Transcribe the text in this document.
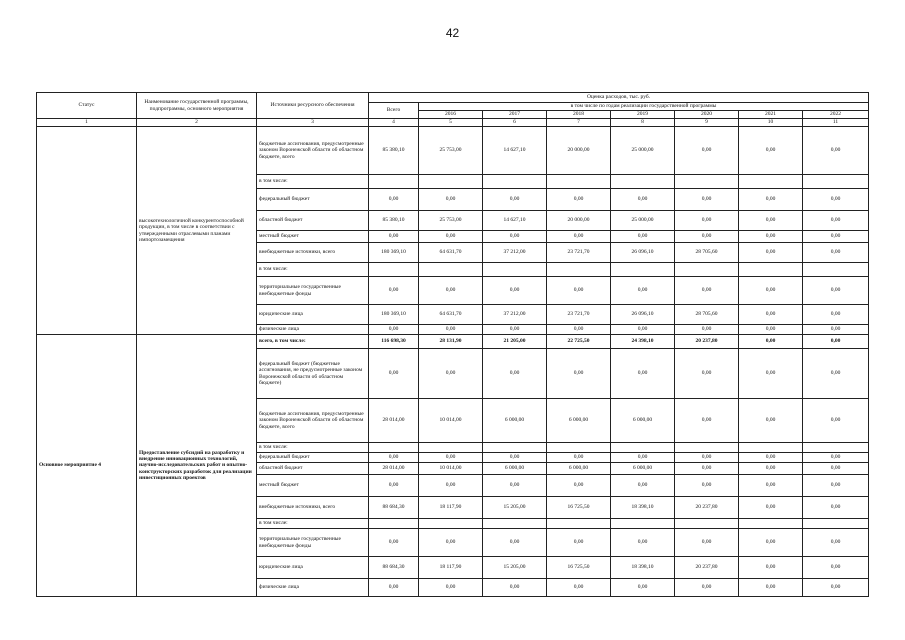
42
Статус	Наименование государственной программы, подпрограммы, основного мероприятия	Источники ресурсного обеспечения	Оценка расходов, тыс. руб.							
			Всего	в том числе по годам реализации государственной программы						
				2016	2017	2018	2019	2020	2021	2022
1	2	3	4	5	6	7	8	9	10	11
	высокотехнологичной конкурентоспособной продукции, в том числе в соответствии с утвержденными отраслевыми планами импортозамещения	бюджетные ассигнования, предусмотренные законом Воронежской области об областном бюджете, всего	85 380,10	25 753,00	14 627,10	20 000,00	25 000,00	0,00	0,00	0,00
		в том числе:								
		федеральный бюджет	0,00	0,00	0,00	0,00	0,00	0,00	0,00	0,00
		областной бюджет	85 380,10	25 753,00	14 627,10	20 000,00	25 000,00	0,00	0,00	0,00
		местный бюджет	0,00	0,00	0,00	0,00	0,00	0,00	0,00	0,00
		внебюджетные источники, всего	180 369,10	64 631,70	37 212,00	23 721,70	26 096,10	28 705,60	0,00	0,00
		в том числе:								
		территориальные государственные внебюджетные фонды	0,00	0,00	0,00	0,00	0,00	0,00	0,00	0,00
		юридические лица	180 369,10	64 631,70	37 212,00	23 721,70	26 096,10	28 705,60	0,00	0,00
		физические лица	0,00	0,00	0,00	0,00	0,00	0,00	0,00	0,00
Основное мероприятие 4	Предоставление субсидий на разработку и внедрение инновационных технологий, научно-исследовательских работ и опытно-конструкторских разработок для реализации инвестиционных проектов	всего, в том числе:	116 698,30	28 131,90	21 205,00	22 725,50	24 398,10	20 237,80	0,00	0,00
		федеральный бюджет (бюджетные ассигнования, не предусмотренные законом Воронежской области об областном бюджете)	0,00	0,00	0,00	0,00	0,00	0,00	0,00	0,00
		бюджетные ассигнования, предусмотренные законом Воронежской области об областном бюджете, всего	28 014,00	10 014,00	6 000,00	6 000,00	6 000,00	0,00	0,00	0,00
		в том числе:								
		федеральный бюджет	0,00	0,00	0,00	0,00	0,00	0,00	0,00	0,00
		областной бюджет	28 014,00	10 014,00	6 000,00	6 000,00	6 000,00	0,00	0,00	0,00
		местный бюджет	0,00	0,00	0,00	0,00	0,00	0,00	0,00	0,00
		внебюджетные источники, всего	88 684,30	18 117,90	15 205,00	16 725,50	18 398,10	20 237,80	0,00	0,00
		в том числе:								
		территориальные государственные внебюджетные фонды	0,00	0,00	0,00	0,00	0,00	0,00	0,00	0,00
		юридические лица	88 684,30	18 117,90	15 205,00	16 725,50	18 398,10	20 237,80	0,00	0,00
		физические лица	0,00	0,00	0,00	0,00	0,00	0,00	0,00	0,00
